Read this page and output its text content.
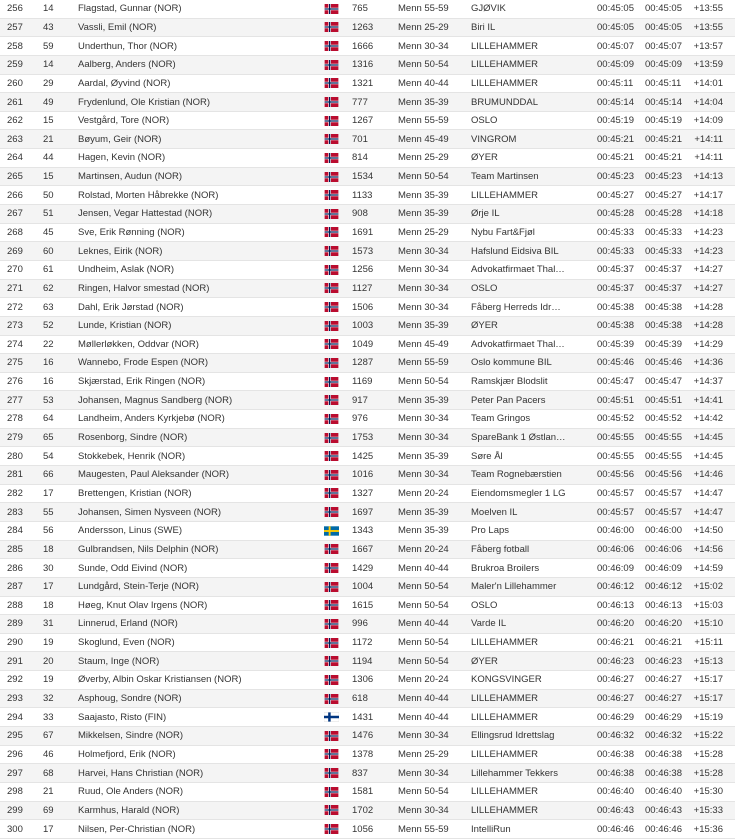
256	14	Flagstad, Gunnar (NOR)		765	Menn 55-59	GJØVIK	00:45:05	00:45:05	+13:55
257	43	Vassli, Emil (NOR)		1263	Menn 25-29	Biri IL	00:45:05	00:45:05	+13:55
258	59	Underthun, Thor (NOR)		1666	Menn 30-34	LILLEHAMMER	00:45:07	00:45:07	+13:57
259	14	Aalberg, Anders (NOR)		1316	Menn 50-54	LILLEHAMMER	00:45:09	00:45:09	+13:59
260	29	Aardal, Øyvind (NOR)		1321	Menn 40-44	LILLEHAMMER	00:45:11	00:45:11	+14:01
261	49	Frydenlund, Ole Kristian (NOR)		777	Menn 35-39	BRUMUNDDAL	00:45:14	00:45:14	+14:04
262	15	Vestgård, Tore (NOR)		1267	Menn 55-59	OSLO	00:45:19	00:45:19	+14:09
263	21	Bøyum, Geir (NOR)		701	Menn 45-49	VINGROM	00:45:21	00:45:21	+14:11
264	44	Hagen, Kevin (NOR)		814	Menn 25-29	ØYER	00:45:21	00:45:21	+14:11
265	15	Martinsen, Audun (NOR)		1534	Menn 50-54	Team Martinsen	00:45:23	00:45:23	+14:13
266	50	Rolstad, Morten Håbrekke (NOR)		1133	Menn 35-39	LILLEHAMMER	00:45:27	00:45:27	+14:17
267	51	Jensen, Vegar Hattestad (NOR)		908	Menn 35-39	Ørje IL	00:45:28	00:45:28	+14:18
268	45	Sve, Erik Rønning (NOR)		1691	Menn 25-29	Nybu Fart&Fjøl	00:45:33	00:45:33	+14:23
269	60	Leknes, Eirik (NOR)		1573	Menn 30-34	Hafslund Eidsiva BIL	00:45:33	00:45:33	+14:23
270	61	Undheim, Aslak (NOR)		1256	Menn 30-34	Advokatfirmaet Thal…	00:45:37	00:45:37	+14:27
271	62	Ringen, Halvor smestad (NOR)		1127	Menn 30-34	OSLO	00:45:37	00:45:37	+14:27
272	63	Dahl, Erik Jørstad (NOR)		1506	Menn 30-34	Fåberg Herreds Idr…	00:45:38	00:45:38	+14:28
273	52	Lunde, Kristian (NOR)		1003	Menn 35-39	ØYER	00:45:38	00:45:38	+14:28
274	22	Møllerløkken, Oddvar (NOR)		1049	Menn 45-49	Advokatfirmaet Thal…	00:45:39	00:45:39	+14:29
275	16	Wannebo, Frode Espen (NOR)		1287	Menn 55-59	Oslo kommune BIL	00:45:46	00:45:46	+14:36
276	16	Skjærstad, Erik Ringen (NOR)		1169	Menn 50-54	Ramskjær Blodslit	00:45:47	00:45:47	+14:37
277	53	Johansen, Magnus Sandberg (NOR)		917	Menn 35-39	Peter Pan Pacers	00:45:51	00:45:51	+14:41
278	64	Landheim, Anders Kyrkjebø (NOR)		976	Menn 30-34	Team Gringos	00:45:52	00:45:52	+14:42
279	65	Rosenborg, Sindre (NOR)		1753	Menn 30-34	SpareBank 1 Østlan…	00:45:55	00:45:55	+14:45
280	54	Stokkebek, Henrik (NOR)		1425	Menn 35-39	Søre Ål	00:45:55	00:45:55	+14:45
281	66	Maugesten, Paul Aleksander (NOR)		1016	Menn 30-34	Team Rognebærstien	00:45:56	00:45:56	+14:46
282	17	Brettengen, Kristian (NOR)		1327	Menn 20-24	Eiendomsmegler 1 LG	00:45:57	00:45:57	+14:47
283	55	Johansen, Simen Nysveen (NOR)		1697	Menn 35-39	Moelven IL	00:45:57	00:45:57	+14:47
284	56	Andersson, Linus (SWE)		1343	Menn 35-39	Pro Laps	00:46:00	00:46:00	+14:50
285	18	Gulbrandsen, Nils Delphin (NOR)		1667	Menn 20-24	Fåberg fotball	00:46:06	00:46:06	+14:56
286	30	Sunde, Odd Eivind (NOR)		1429	Menn 40-44	Brukroa Broilers	00:46:09	00:46:09	+14:59
287	17	Lundgård, Stein-Terje (NOR)		1004	Menn 50-54	Maler'n Lillehammer	00:46:12	00:46:12	+15:02
288	18	Høeg, Knut Olav Irgens (NOR)		1615	Menn 50-54	OSLO	00:46:13	00:46:13	+15:03
289	31	Linnerud, Erland (NOR)		996	Menn 40-44	Varde IL	00:46:20	00:46:20	+15:10
290	19	Skoglund, Even (NOR)		1172	Menn 50-54	LILLEHAMMER	00:46:21	00:46:21	+15:11
291	20	Staum, Inge (NOR)		1194	Menn 50-54	ØYER	00:46:23	00:46:23	+15:13
292	19	Øverby, Albin Oskar Kristiansen (NOR)		1306	Menn 20-24	KONGSVINGER	00:46:27	00:46:27	+15:17
293	32	Asphoug, Sondre (NOR)		618	Menn 40-44	LILLEHAMMER	00:46:27	00:46:27	+15:17
294	33	Saajasto, Risto (FIN)		1431	Menn 40-44	LILLEHAMMER	00:46:29	00:46:29	+15:19
295	67	Mikkelsen, Sindre (NOR)		1476	Menn 30-34	Ellingsrud Idrettslag	00:46:32	00:46:32	+15:22
296	46	Holmefjord, Erik (NOR)		1378	Menn 25-29	LILLEHAMMER	00:46:38	00:46:38	+15:28
297	68	Harvei, Hans Christian (NOR)		837	Menn 30-34	Lillehammer Tekkers	00:46:38	00:46:38	+15:28
298	21	Ruud, Ole Anders (NOR)		1581	Menn 50-54	LILLEHAMMER	00:46:40	00:46:40	+15:30
299	69	Karmhus, Harald (NOR)		1702	Menn 30-34	LILLEHAMMER	00:46:43	00:46:43	+15:33
300	17	Nilsen, Per-Christian (NOR)		1056	Menn 55-59	IntelliRun	00:46:46	00:46:46	+15:36
